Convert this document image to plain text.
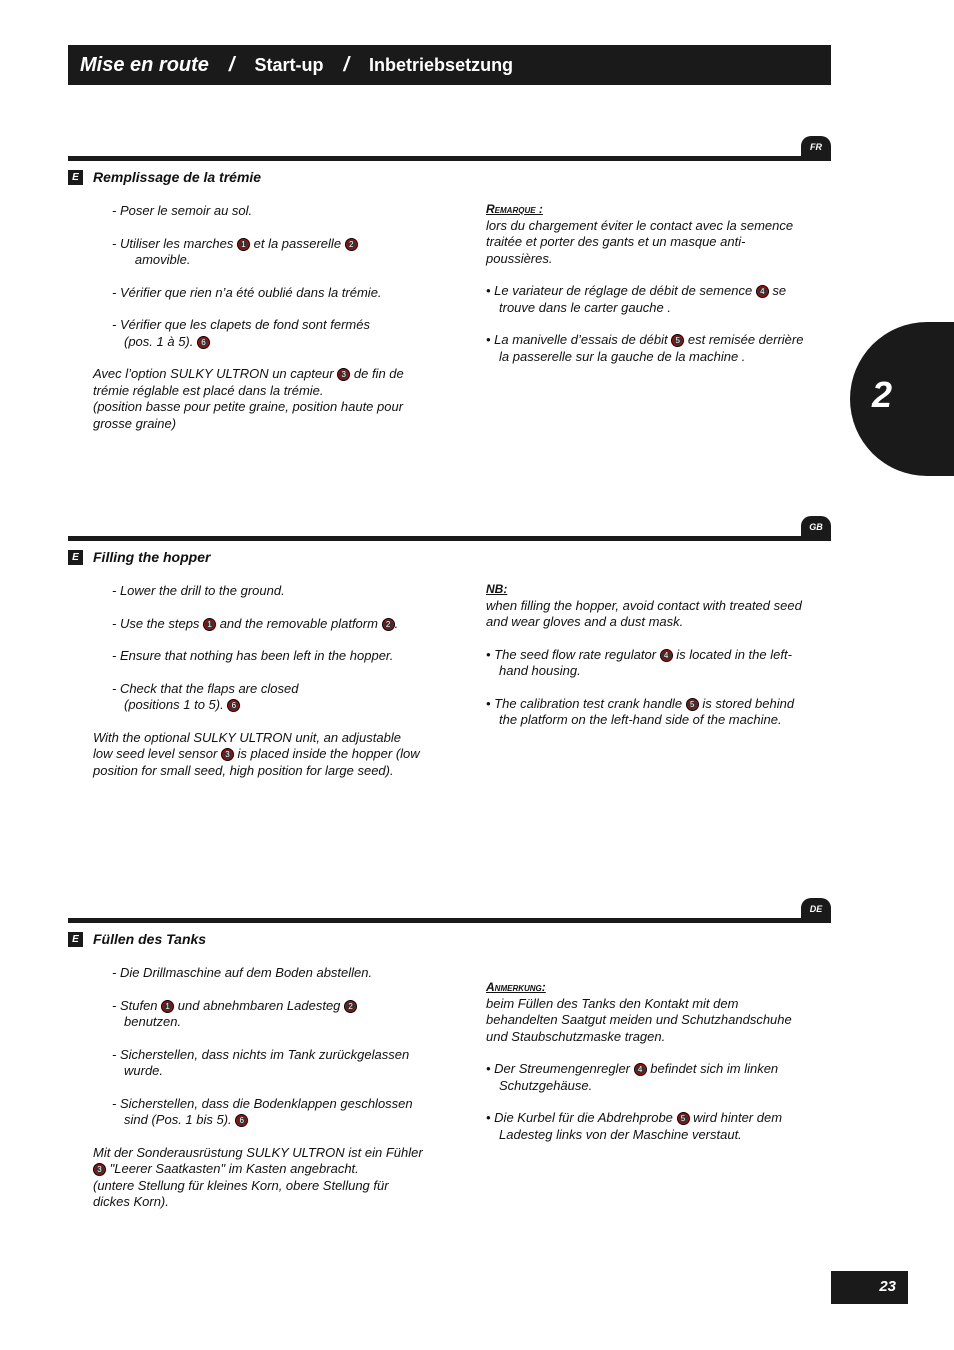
Mise en route / Start-up / Inbetriebsetzung
2
FR
E Remplissage de la trémie

- Poser le semoir au sol.

- Utiliser les marches 1 et la passerelle 2
amovible.

- Vérifier que rien n’a été oublié dans la trémie.

- Vérifier que les clapets de fond sont fermés
(pos. 1 à 5). 6

Avec l’option SULKY ULTRON un capteur 3 de fin de trémie réglable est placé dans la trémie.
(position basse pour petite graine, position haute pour grosse graine)

Remarque :

lors du chargement éviter le contact avec la semence traitée et porter des gants et un masque anti-poussières.

• Le variateur de réglage de débit de semence 4 se trouve dans le carter gauche .

• La manivelle d’essais de débit 5 est remisée derrière la passerelle sur la gauche de la machine .

GB
E Filling the hopper

- Lower the drill to the ground.

- Use the steps 1 and the removable platform 2 .

- Ensure that nothing has been left in the hopper.

- Check that the flaps are closed
(positions 1 to 5). 6

With the optional SULKY ULTRON unit, an adjustable low seed level sensor 3 is placed inside the hopper (low position for small seed, high position for large seed).

NB:

when filling the hopper, avoid contact with treated seed and wear gloves and a dust mask.

• The seed flow rate regulator 4 is located in the left-hand housing.

• The calibration test crank handle 5 is stored behind the platform on the left-hand side of the machine.

DE
E Füllen des Tanks

- Die Drillmaschine auf dem Boden abstellen.

- Stufen 1 und abnehmbaren Ladesteg 2
benutzen.

- Sicherstellen, dass nichts im Tank zurückgelassen wurde.

- Sicherstellen, dass die Bodenklappen geschlossen sind (Pos. 1 bis 5). 6

Mit der Sonderausrüstung SULKY ULTRON ist ein Fühler 3 "Leerer Saatkasten" im Kasten angebracht.
(untere Stellung für kleines Korn, obere Stellung für dickes Korn).

Anmerkung:

beim Füllen des Tanks den Kontakt mit dem behandelten Saatgut meiden und Schutzhandschuhe und Staubschutzmaske tragen.

• Der Streumengenregler 4 befindet sich im linken Schutzgehäuse.

• Die Kurbel für die Abdrehprobe 5 wird hinter dem Ladesteg links von der Maschine verstaut.

23
